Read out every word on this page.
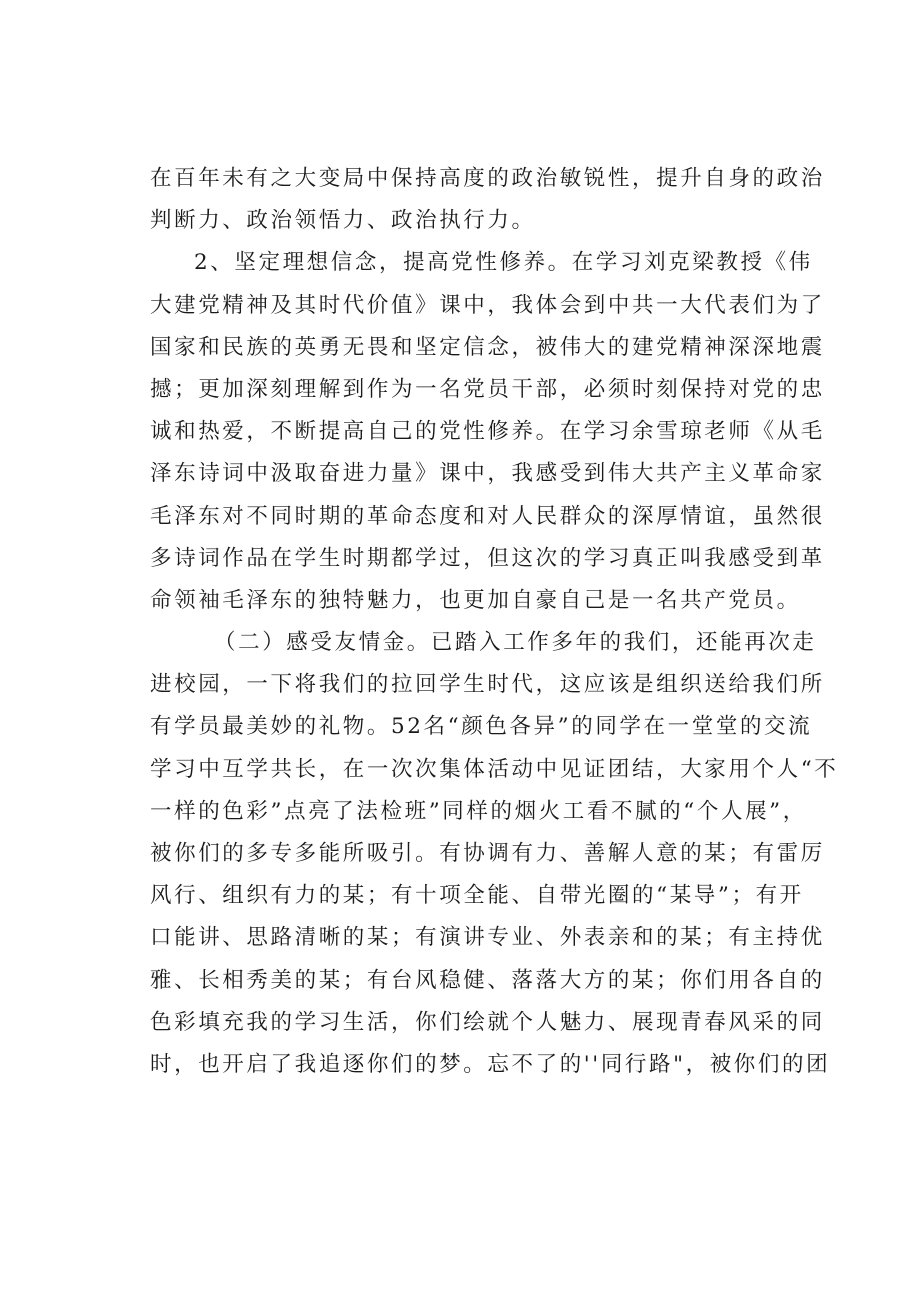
在百年未有之大变局中保持高度的政治敏锐性，提升自身的政治
判断力、政治领悟力、政治执行力。
2、坚定理想信念，提高党性修养。在学习刘克梁教授《伟
大建党精神及其时代价值》课中，我体会到中共一大代表们为了
国家和民族的英勇无畏和坚定信念，被伟大的建党精神深深地震
撼；更加深刻理解到作为一名党员干部，必须时刻保持对党的忠
诚和热爱，不断提高自己的党性修养。在学习余雪琼老师《从毛
泽东诗词中汲取奋进力量》课中，我感受到伟大共产主义革命家
毛泽东对不同时期的革命态度和对人民群众的深厚情谊，虽然很
多诗词作品在学生时期都学过，但这次的学习真正叫我感受到革
命领袖毛泽东的独特魅力，也更加自豪自己是一名共产党员。
（二）感受友情金。已踏入工作多年的我们，还能再次走
进校园，一下将我们的拉回学生时代，这应该是组织送给我们所
有学员最美妙的礼物。52名“颜色各异”的同学在一堂堂的交流
学习中互学共长，在一次次集体活动中见证团结，大家用个人“不
一样的色彩”点亮了法检班”同样的烟火工看不腻的“个人展”，
被你们的多专多能所吸引。有协调有力、善解人意的某；有雷厉
风行、组织有力的某；有十项全能、自带光圈的“某导”；有开
口能讲、思路清晰的某；有演讲专业、外表亲和的某；有主持优
雅、长相秀美的某；有台风稳健、落落大方的某；你们用各自的
色彩填充我的学习生活，你们绘就个人魅力、展现青春风采的同
时，也开启了我追逐你们的梦。忘不了的''同行路"，被你们的团
